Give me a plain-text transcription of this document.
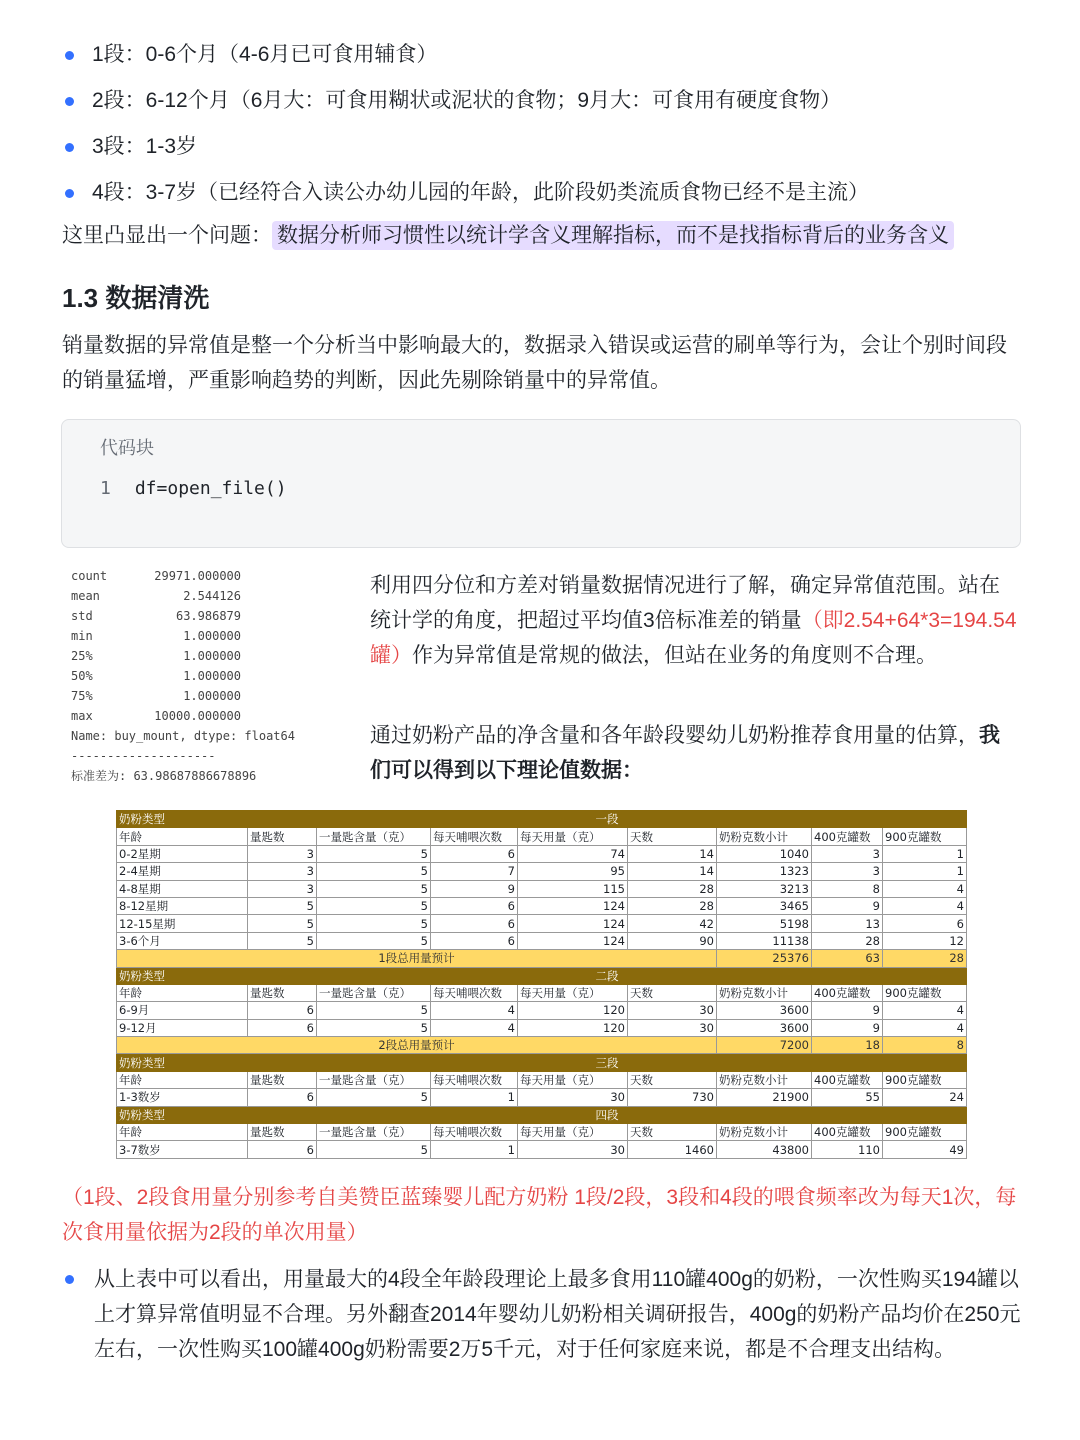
1段：0-6个月（4-6月已可食用辅食）
2段：6-12个月（6月大：可食用糊状或泥状的食物；9月大：可食用有硬度食物）
3段：1-3岁
4段：3-7岁（已经符合入读公办幼儿园的年龄，此阶段奶类流质食物已经不是主流）
这里凸显出一个问题： 数据分析师习惯性以统计学含义理解指标，而不是找指标背后的业务含义
1.3 数据清洗
销量数据的异常值是整一个分析当中影响最大的，数据录入错误或运营的刷单等行为，会让个别时间段的销量猛增，严重影响趋势的判断，因此先剔除销量中的异常值。
代码块
1 df=open_file()
count	29971.000000
mean	2.544126
std	63.986879
min	1.000000
25%	1.000000
50%	1.000000
75%	1.000000
max	10000.000000
Name: buy_mount, dtype: float64
--------------------
标准差为: 63.98687886678896
利用四分位和方差对销量数据情况进行了解，确定异常值范围。站在统计学的角度，把超过平均值3倍标准差的销量（即2.54+64*3=194.54罐）作为异常值是常规的做法，但站在业务的角度则不合理。
通过奶粉产品的净含量和各年龄段婴幼儿奶粉推荐食用量的估算，我们可以得到以下理论值数据：
奶粉类型	一段							
年龄	量匙数	一量匙含量（克）	每天哺喂次数	每天用量（克）	天数	奶粉克数小计	400克罐数	900克罐数
0-2星期	3	5	6	74	14	1040	3	1
2-4星期	3	5	7	95	14	1323	3	1
4-8星期	3	5	9	115	28	3213	8	4
8-12星期	5	5	6	124	28	3465	9	4
12-15星期	5	5	6	124	42	5198	13	6
3-6个月	5	5	6	124	90	11138	28	12
1段总用量预计						25376	63	28
奶粉类型	二段							
年龄	量匙数	一量匙含量（克）	每天哺喂次数	每天用量（克）	天数	奶粉克数小计	400克罐数	900克罐数
6-9月	6	5	4	120	30	3600	9	4
9-12月	6	5	4	120	30	3600	9	4
2段总用量预计						7200	18	8
奶粉类型	三段							
年龄	量匙数	一量匙含量（克）	每天哺喂次数	每天用量（克）	天数	奶粉克数小计	400克罐数	900克罐数
1-3数岁	6	5	1	30	730	21900	55	24
奶粉类型	四段							
年龄	量匙数	一量匙含量（克）	每天哺喂次数	每天用量（克）	天数	奶粉克数小计	400克罐数	900克罐数
3-7数岁	6	5	1	30	1460	43800	110	49
（1段、2段食用量分别参考自美赞臣蓝臻婴儿配方奶粉 1段/2段，3段和4段的喂食频率改为每天1次，每次食用量依据为2段的单次用量）
从上表中可以看出，用量最大的4段全年龄段理论上最多食用110罐400g的奶粉，一次性购买194罐以上才算异常值明显不合理。另外翻查2014年婴幼儿奶粉相关调研报告，400g的奶粉产品均价在250元左右，一次性购买100罐400g奶粉需要2万5千元，对于任何家庭来说，都是不合理支出结构。
